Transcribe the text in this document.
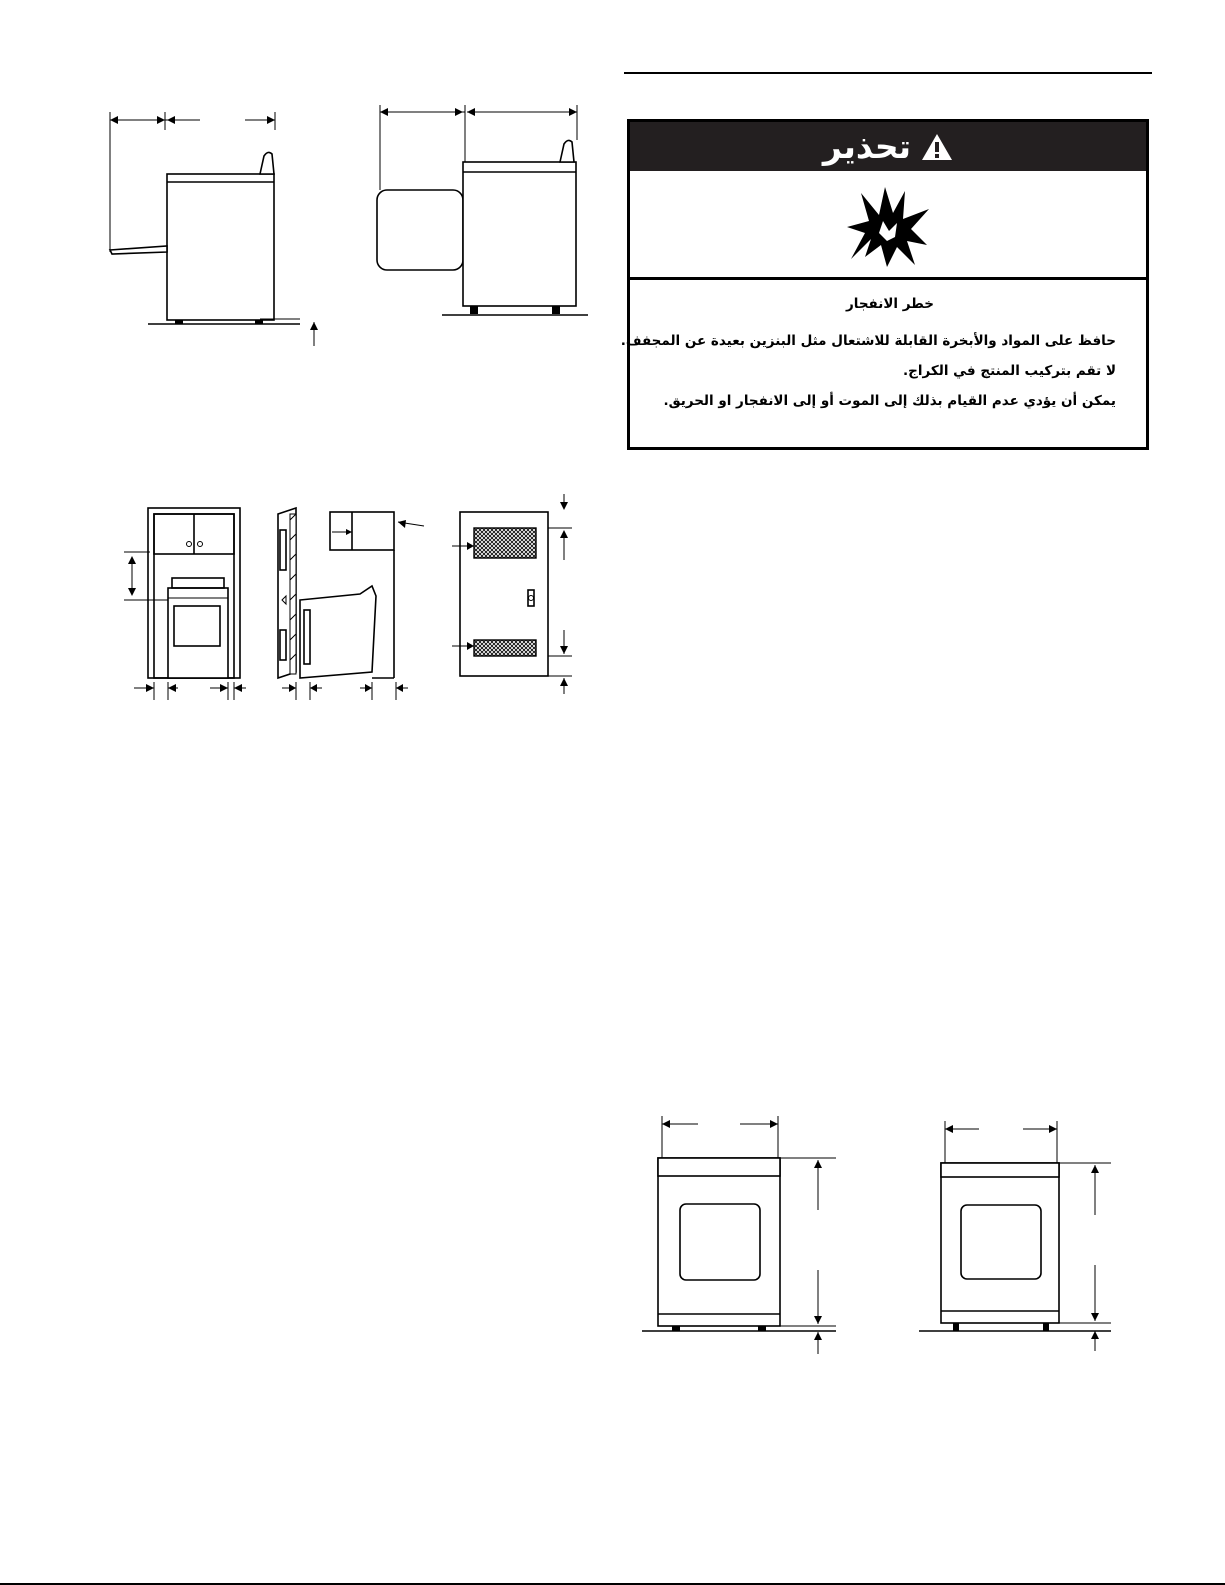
تحذير
خطر الانفجار
حافظ على المواد والأبخرة القابلة للاشتعال مثل البنزين بعيدة عن المجفف.
لا تقم بتركيب المنتج في الكراج.
يمكن أن يؤدي عدم القيام بذلك إلى الموت أو إلى الانفجار او الحريق.
